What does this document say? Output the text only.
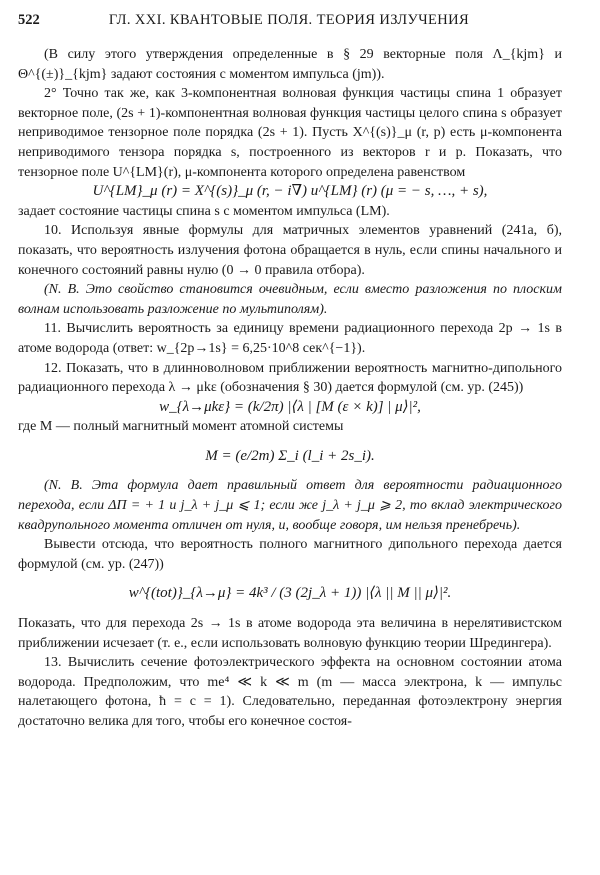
522	ГЛ. XXI. КВАНТОВЫЕ ПОЛЯ. ТЕОРИЯ ИЗЛУЧЕНИЯ

(В силу этого утверждения определенные в § 29 векторные поля Λ_{kjm} и Θ^{(±)}_{kjm} задают состояния с моментом импульса (jm)).

2° Точно так же, как 3-компонентная волновая функция частицы спина 1 образует векторное поле, (2s + 1)-компонентная волновая функция частицы целого спина s образует неприводимое тензорное поле порядка (2s + 1). Пусть X^{(s)}_μ (r, p) есть μ-компонента неприводимого тензора порядка s, построенного из векторов r и p. Показать, что тензорное поле U^{LM}(r), μ-компонента которого определена равенством

U^{LM}_μ (r) = X^{(s)}_μ (r, − i∇) u^{LM} (r) (μ = − s, …, + s),

задает состояние частицы спина s с моментом импульса (LM).

10. Используя явные формулы для матричных элементов уравнений (241а, б), показать, что вероятность излучения фотона обращается в нуль, если спины начального и конечного состояний равны нулю (0 → 0 правила отбора).

(N. B. Это свойство становится очевидным, если вместо разложения по плоским волнам использовать разложение по мультиполям).

11. Вычислить вероятность за единицу времени радиационного перехода 2p → 1s в атоме водорода (ответ: w_{2p→1s} = 6,25·10^8 сек^{−1}).

12. Показать, что в длинноволновом приближении вероятность магнитно-дипольного радиационного перехода λ → μkε (обозначения § 30) дается формулой (см. ур. (245))

w_{λ→μkε} = (k/2π) |⟨λ | [M (ε × k)] | μ⟩|²,

где M — полный магнитный момент атомной системы

M = (e/2m) Σ_i (l_i + 2s_i).

(N. B. Эта формула дает правильный ответ для вероятности радиационного перехода, если ΔΠ = + 1 и j_λ + j_μ ⩽ 1; если же j_λ + j_μ ⩾ 2, то вклад электрического квадрупольного момента отличен от нуля, и, вообще говоря, им нельзя пренебречь).

Вывести отсюда, что вероятность полного магнитного дипольного перехода дается формулой (см. ур. (247))

w^{(tot)}_{λ→μ} = 4k³ / (3 (2j_λ + 1)) |⟨λ || M || μ⟩|².

Показать, что для перехода 2s → 1s в атоме водорода эта величина в нерелятивистском приближении исчезает (т. е., если использовать волновую функцию теории Шредингера).

13. Вычислить сечение фотоэлектрического эффекта на основном состоянии атома водорода. Предположим, что me⁴ ≪ k ≪ m (m — масса электрона, k — импульс налетающего фотона, ħ = c = 1). Следовательно, переданная фотоэлектрону энергия достаточно велика для того, чтобы его конечное состоя-
